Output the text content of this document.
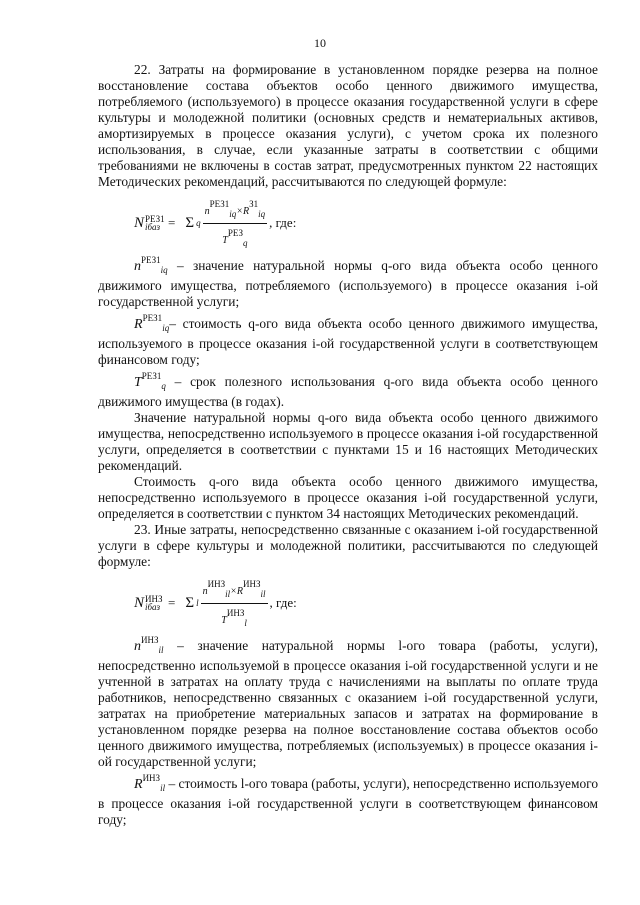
10

22. Затраты на формирование в установленном порядке резерва на полное восстановление состава объектов особо ценного движимого имущества, потребляемого (используемого) в процессе оказания государственной услуги в сфере культуры и молодежной политики (основных средств и нематериальных активов, амортизируемых в процессе оказания услуги), с учетом срока их полезного использования, в случае, если указанные затраты в соответствии с общими требованиями не включены в состав затрат, предусмотренных пунктом 22 настоящих Методических рекомендаций, рассчитываются по следующей формуле:

N РЕЗ1
iбаз = Σ q $\frac{\text{nРЕЗ1iq×RЗ1iq}}{\text{TРЕЗq}}$ , где:

$n^{РЕЗ1}_{iq}$ – значение натуральной нормы q-ого вида объекта особо ценного движимого имущества, потребляемого (используемого) в процессе оказания i-ой государственной услуги;

$R^{РЕЗ1}_{iq}-$ стоимость q-ого вида объекта особо ценного движимого имущества, используемого в процессе оказания i-ой государственной услуги в соответствующем финансовом году;

$T^{РЕЗ1}_q$ – срок полезного использования q-ого вида объекта особо ценного движимого имущества (в годах).

Значение натуральной нормы q-ого вида объекта особо ценного движимого имущества, непосредственно используемого в процессе оказания i-ой государственной услуги, определяется в соответствии с пунктами 15 и 16 настоящих Методических рекомендаций.

Стоимость q-ого вида объекта особо ценного движимого имущества, непосредственно используемого в процессе оказания i-ой государственной услуги, определяется в соответствии с пунктом 34 настоящих Методических рекомендаций.

23. Иные затраты, непосредственно связанные с оказанием i-ой государственной услуги в сфере культуры и молодежной политики, рассчитываются по следующей формуле:

N ИНЗ
iбаз = Σ l $\frac{\text{nИНЗil×RИНЗil}}{\text{TИНЗl}}$ , где:

$n^{ИНЗ}_{il}$ – значение натуральной нормы l-ого товара (работы, услуги), непосредственно используемой в процессе оказания i-ой государственной услуги и не учтенной в затратах на оплату труда с начислениями на выплаты по оплате труда работников, непосредственно связанных с оказанием i-ой государственной услуги, затратах на приобретение материальных запасов и затратах на формирование в установленном порядке резерва на полное восстановление состава объектов особо ценного движимого имущества, потребляемых (используемых) в процессе оказания i-ой государственной услуги;

$R^{ИНЗ}_{il}$ – стоимость l-ого товара (работы, услуги), непосредственно используемого в процессе оказания i-ой государственной услуги в соответствующем финансовом году;
